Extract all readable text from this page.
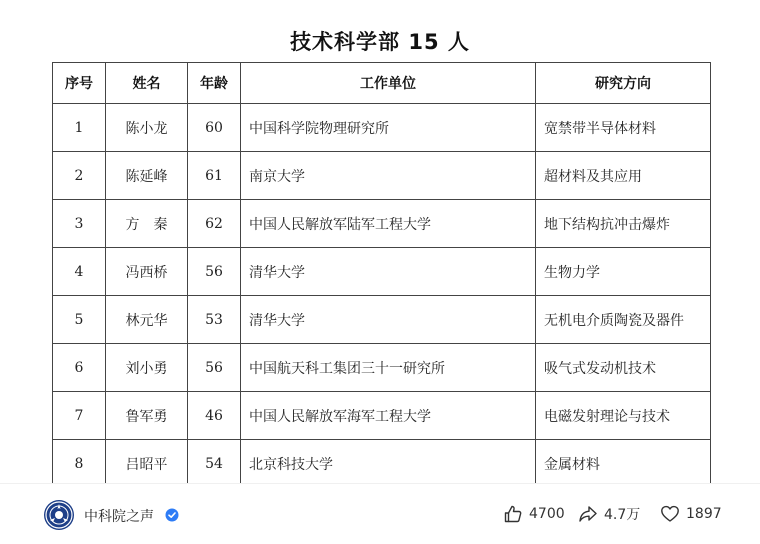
技术科学部 15 人
序号	姓名	年龄	工作单位	研究方向
1	陈小龙	60	中国科学院物理研究所	宽禁带半导体材料
2	陈延峰	61	南京大学	超材料及其应用
3	方　秦	62	中国人民解放军陆军工程大学	地下结构抗冲击爆炸
4	冯西桥	56	清华大学	生物力学
5	林元华	53	清华大学	无机电介质陶瓷及器件
6	刘小勇	56	中国航天科工集团三十一研究所	吸气式发动机技术
7	鲁军勇	46	中国人民解放军海军工程大学	电磁发射理论与技术
8	吕昭平	54	北京科技大学	金属材料

中科院之声	4700	4.7万	1897
